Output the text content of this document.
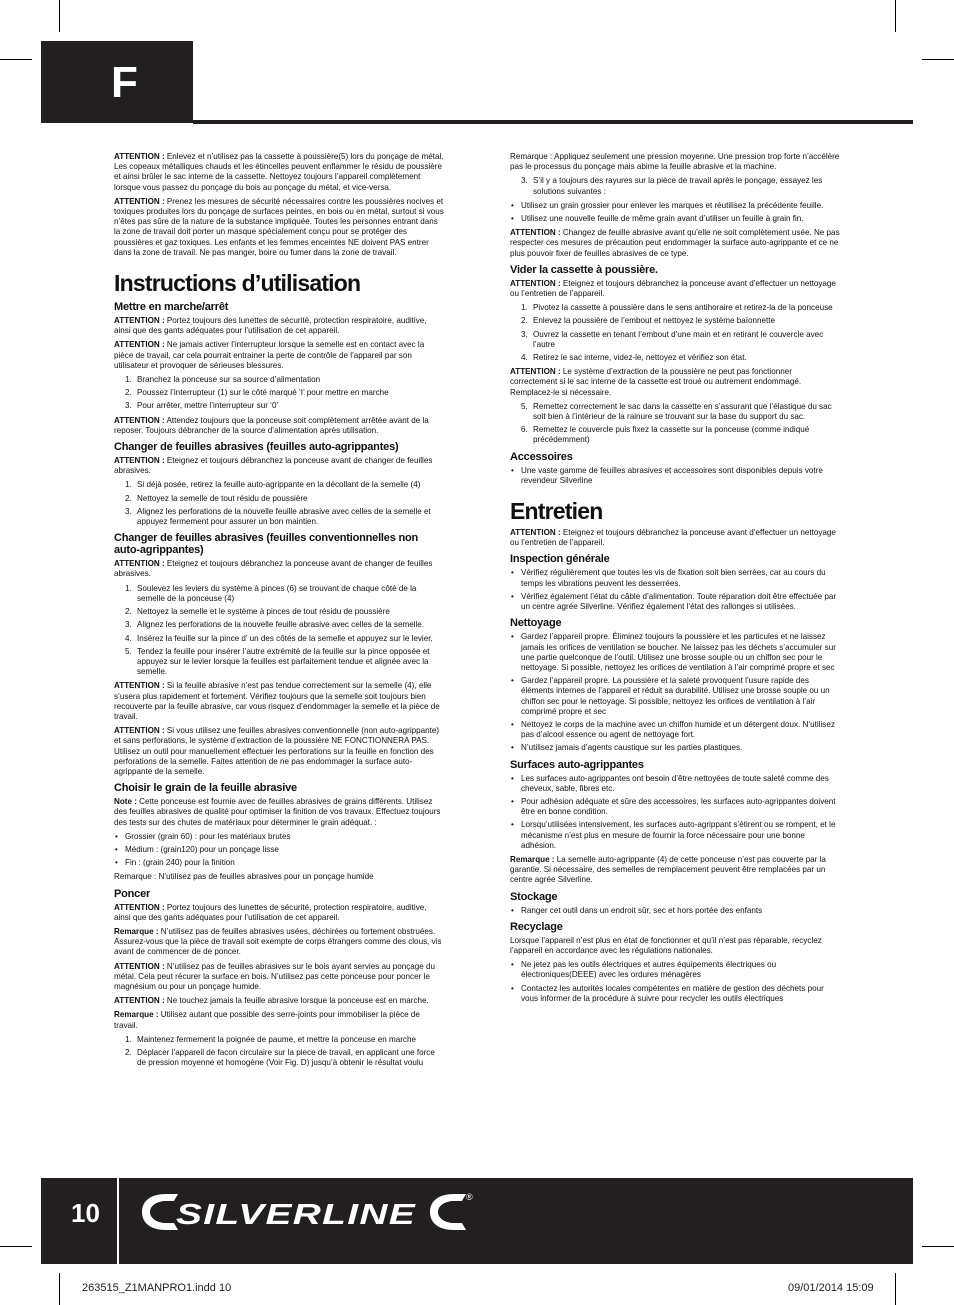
F

ATTENTION : Enlevez et n’utilisez pas la cassette à poussière(5) lors du ponçage de métal. Les copeaux métalliques chauds et les étincelles peuvent enflammer le résidu de poussière et ainsi brûler le sac interne de la cassette. Nettoyez toujours l’appareil complètement lorsque vous passez du ponçage du bois au ponçage du métal, et vice-versa.

ATTENTION : Prenez les mesures de sécurité nécessaires contre les poussières nocives et toxiques produites lors du ponçage de surfaces peintes, en bois ou en métal, surtout si vous n’êtes pas sûre de la nature de la substance impliquée. Toutes les personnes entrant dans la zone de travail doit porter un masque spécialement conçu pour se protéger des poussières et gaz toxiques. Les enfants et les femmes enceintes NE doivent PAS entrer dans la zone de travail. Ne pas manger, boire ou fumer dans la zone de travail.

Instructions d’utilisation
Mettre en marche/arrêt

ATTENTION : Portez toujours des lunettes de sécurité, protection respiratoire, auditive, ainsi que des gants adéquates pour l’utilisation de cet appareil.

ATTENTION : Ne jamais activer l’interrupteur lorsque la semelle est en contact avec la pièce de travail, car cela pourrait entrainer la perte de contrôle de l’appareil par son utilisateur et provoquer de sérieuses blessures.

1. Branchez la ponceuse sur sa source d’alimentation
2. Poussez l’interrupteur (1) sur le côté marqué ‘I’ pour mettre en marche
3. Pour arrêter, mettre l’interrupteur sur ‘0’

ATTENTION : Attendez toujours que la ponceuse soit complètement arrêtée avant de la reposer. Toujours débrancher de la source d’alimentation après utilisation.

Changer de feuilles abrasives (feuilles auto-agrippantes)

ATTENTION : Eteignez et toujours débranchez la ponceuse avant de changer de feuilles abrasives.

1. Si déjà posée, retirez la feuille auto-agrippante en la décollant de la semelle (4)
2. Nettoyez la semelle de tout résidu de poussière
3. Alignez les perforations de la nouvelle feuille abrasive avec celles de la semelle et appuyez fermement pour assurer un bon maintien.
Changer de feuilles abrasives (feuilles conventionnelles non auto-agrippantes)

ATTENTION : Eteignez et toujours débranchez la ponceuse avant de changer de feuilles abrasives.

1. Soulevez les leviers du système à pinces (6) se trouvant de chaque côté de la semelle de la ponceuse (4)
2. Nettoyez la semelle et le système à pinces de tout résidu de poussière
3. Alignez les perforations de la nouvelle feuille abrasive avec celles de la semelle.
4. Insérez la feuille sur la pince d’ un des côtés de la semelle et appuyez sur le levier.
5. Tendez la feuille pour insérer l’autre extrémité de la feuille sur la pince opposée et appuyez sur le levier lorsque la feuilles est parfaitement tendue et alignée avec la semelle.

ATTENTION : Si la feuille abrasive n’est pas tendue correctement sur la semelle (4), elle s’usera plus rapidement et fortement. Vérifiez toujours que la semelle soit toujours bien recouverte par la feuille abrasive, car vous risquez d’endommager la semelle et la pièce de travail.

ATTENTION : Si vous utilisez une feuilles abrasives conventionnelle (non auto-agrippante) et sans perforations, le système d’extraction de la poussière NE FONCTIONNERA PAS. Utilisez un outil pour manuellement effectuer les perforations sur la feuille en fonction des perforations de la semelle. Faites attention de ne pas endommager la surface auto-agrippante de la semelle.

Choisir le grain de la feuille abrasive

Note : Cette ponceuse est fournie avec de feuilles abrasives de grains différents. Utilisez des feuilles abrasives de qualité pour optimiser la finition de vos travaux. Effectuez toujours des tests sur des chutes de matériaux pour déterminer le grain adéquat. :

• Grossier (grain 60) : pour les matériaux brutes
• Médium : (grain120) pour un ponçage lisse
• Fin : (grain 240) pour la finition

Remarque : N’utilisez pas de feuilles abrasives pour un ponçage humide

Poncer

ATTENTION : Portez toujours des lunettes de sécurité, protection respiratoire, auditive, ainsi que des gants adéquates pour l’utilisation de cet appareil.

Remarque : N’utilisez pas de feuilles abrasives usées, déchirées ou fortement obstruées. Assurez-vous que la pièce de travail soit exempte de corps étrangers comme des clous, vis avant de commencer de de poncer.

ATTENTION : N’utilisez pas de feuilles abrasives sur le bois ayant servies au ponçage du métal. Cela peut récurer la surface en bois. N’utilisez pas cette ponceuse pour poncer le magnésium ou pour un ponçage humide.

ATTENTION : Ne touchez jamais la feuille abrasive lorsque la ponceuse est en marche.

Remarque : Utilisez autant que possible des serre-joints pour immobiliser la pièce de travail.

1. Maintenez fermement la poignée de paume, et mettre la ponceuse en marche
2. Déplacer l’appareil de facon circulaire sur la piece de travail, en applicant une force de pression moyenne et homogène (Voir Fig. D) jusqu’à obtenir le résultat voulu

Remarque : Appliquez seulement une pression moyenne. Une pression trop forte n’accélère pas le processus du ponçage mais abime la feuille abrasive et la machine.

3. S’il y a toujours des rayures sur la pièce de travail après le ponçage, essayez les solutions suivantes :
• Utilisez un grain grossier pour enlever les marques et réutilisez la précédente feuille.
• Utilisez une nouvelle feuille de même grain avant d’utiliser un feuille à grain fin.

ATTENTION : Changez de feuille abrasive avant qu’elle ne soit complètement usée. Ne pas respecter ces mesures de précaution peut endommager la surface auto-agrippante et ce ne plus pouvoir fixer de feuilles abrasives de ce type.

Vider la cassette à poussière.

ATTENTION : Eteignez et toujours débranchez la ponceuse avant d’effectuer un nettoyage ou l’entretien de l’appareil.

1. Pivotez la cassette à poussière dans le sens antihoraire et retirez-la de la ponceuse
2. Enlevez la poussière de l’embout et nettoyez le système baïonnette
3. Ouvrez la cassette en tenant l’embout d’une main et en retirant le couvercle avec l’autre
4. Retirez le sac interne, videz-le, nettoyez et vérifiez son état.

ATTENTION : Le système d’extraction de la poussière ne peut pas fonctionner correctement si le sac interne de la cassette est troué ou autrement endommagé. Remplacez-le si nécessaire.

5. Remettez correctement le sac dans la cassette en s’assurant que l’élastique du sac soit bien à l’intérieur de la rainure se trouvant sur la base du support du sac.
6. Remettez le couvercle puis fixez la cassette sur la ponceuse (comme indiqué précédemment)
Accessoires
• Une vaste gamme de feuilles abrasives et accessoires sont disponibles depuis votre revendeur Silverline
Entretien

ATTENTION : Eteignez et toujours débranchez la ponceuse avant d’effectuer un nettoyage ou l’entretien de l’appareil.

Inspection générale
• Vérifiez régulièrement que toutes les vis de fixation soit bien serrées, car au cours du temps les vibrations peuvent les desserrées.
• Vérifiez également l’état du câble d’alimentation. Toute réparation doit être effectuée par un centre agrée Silverline. Vérifiez également l’état des rallonges si utilisées.
Nettoyage
• Gardez l’appareil propre. Éliminez toujours la poussière et les particules et ne laissez jamais les orifices de ventilation se boucher. Ne laissez pas les déchets s’accumuler sur une partie quelconque de l’outil. Utilisez une brosse souple ou un chiffon sec pour le nettoyage. Si possible, nettoyez les orifices de ventilation à l’air comprimé propre et sec
• Gardez l’appareil propre. La poussière et la saleté provoquent l’usure rapide des éléments internes de l’appareil et réduit sa durabilité. Utilisez une brosse souple ou un chiffon sec pour le nettoyage. Si possible, nettoyez les orifices de ventilation à l’air comprimé propre et sec
• Nettoyez le corps de la machine avec un chiffon humide et un détergent doux. N’utilisez pas d’alcool essence ou agent de nettoyage fort.
• N’utilisez jamais d’agents caustique sur les parties plastiques.
Surfaces auto-agrippantes
• Les surfaces auto-agrippantes ont besoin d’être nettoyées de toute saleté comme des cheveux, sable, fibres etc.
• Pour adhésion adéquate et sûre des accessoires, les surfaces auto-agrippantes doivent être en bonne condition.
• Lorsqu’utilisées intensivement, les surfaces auto-agrippant s’étirent ou se rompent, et le mécanisme n’est plus en mesure de fournir la force nécessaire pour une bonne adhésion.

Remarque : La semelle auto-agrippante (4) de cette ponceuse n’est pas couverte par la garantie. Si nécessaire, des semelles de remplacement peuvent être remplacées par un centre agrée Silverline.

Stockage
• Ranger cet outil dans un endroit sûr, sec et hors portée des enfants
Recyclage

Lorsque l’appareil n’est plus en état de fonctionner et qu’il n’est pas réparable, recyclez l’appareil en accordance avec les régulations nationales.

• Ne jetez pas les outils électriques et autres équipements électriques ou électroniques(DEEE) avec les ordures ménagères
• Contactez les autorités locales compétentes en matière de gestion des déchets pour vous informer de la procédure à suivre pour recycler les outils électriques
10	SILVERLINE
®
263515_Z1MANPRO1.indd 10	09/01/2014 15:09
